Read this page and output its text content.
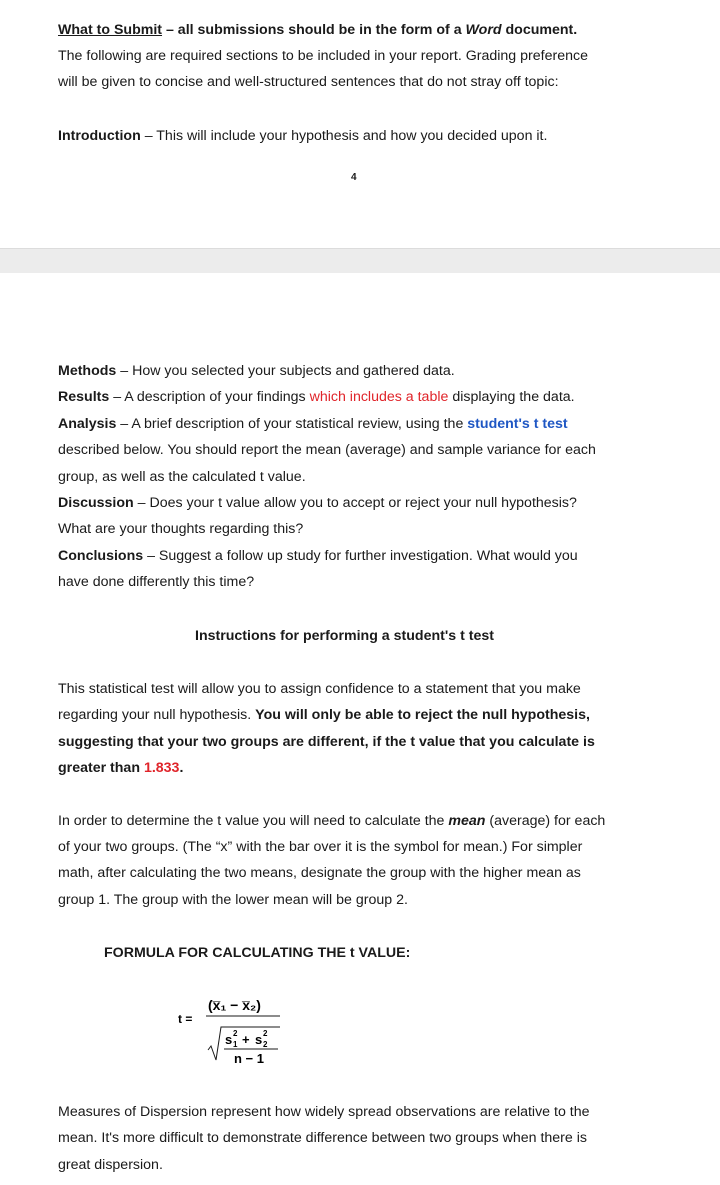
What to Submit – all submissions should be in the form of a Word document.
The following are required sections to be included in your report. Grading preference
will be given to concise and well-structured sentences that do not stray off topic:
Introduction – This will include your hypothesis and how you decided upon it.
4
Methods – How you selected your subjects and gathered data.
Results – A description of your findings which includes a table displaying the data.
Analysis – A brief description of your statistical review, using the student's t test
described below. You should report the mean (average) and sample variance for each
group, as well as the calculated t value.
Discussion – Does your t value allow you to accept or reject your null hypothesis?
What are your thoughts regarding this?
Conclusions – Suggest a follow up study for further investigation. What would you
have done differently this time?
Instructions for performing a student's t test
This statistical test will allow you to assign confidence to a statement that you make
regarding your null hypothesis. You will only be able to reject the null hypothesis,
suggesting that your two groups are different, if the t value that you calculate is
greater than 1.833.
In order to determine the t value you will need to calculate the mean (average) for each
of your two groups. (The “x” with the bar over it is the symbol for mean.) For simpler
math, after calculating the two means, designate the group with the higher mean as
group 1. The group with the lower mean will be group 2.
FORMULA FOR CALCULATING THE t VALUE:
t =
(x̅₁ − x̅₂)
s 1
2 + s 2
2
n − 1
Measures of Dispersion represent how widely spread observations are relative to the
mean. It's more difficult to demonstrate difference between two groups when there is
great dispersion.
